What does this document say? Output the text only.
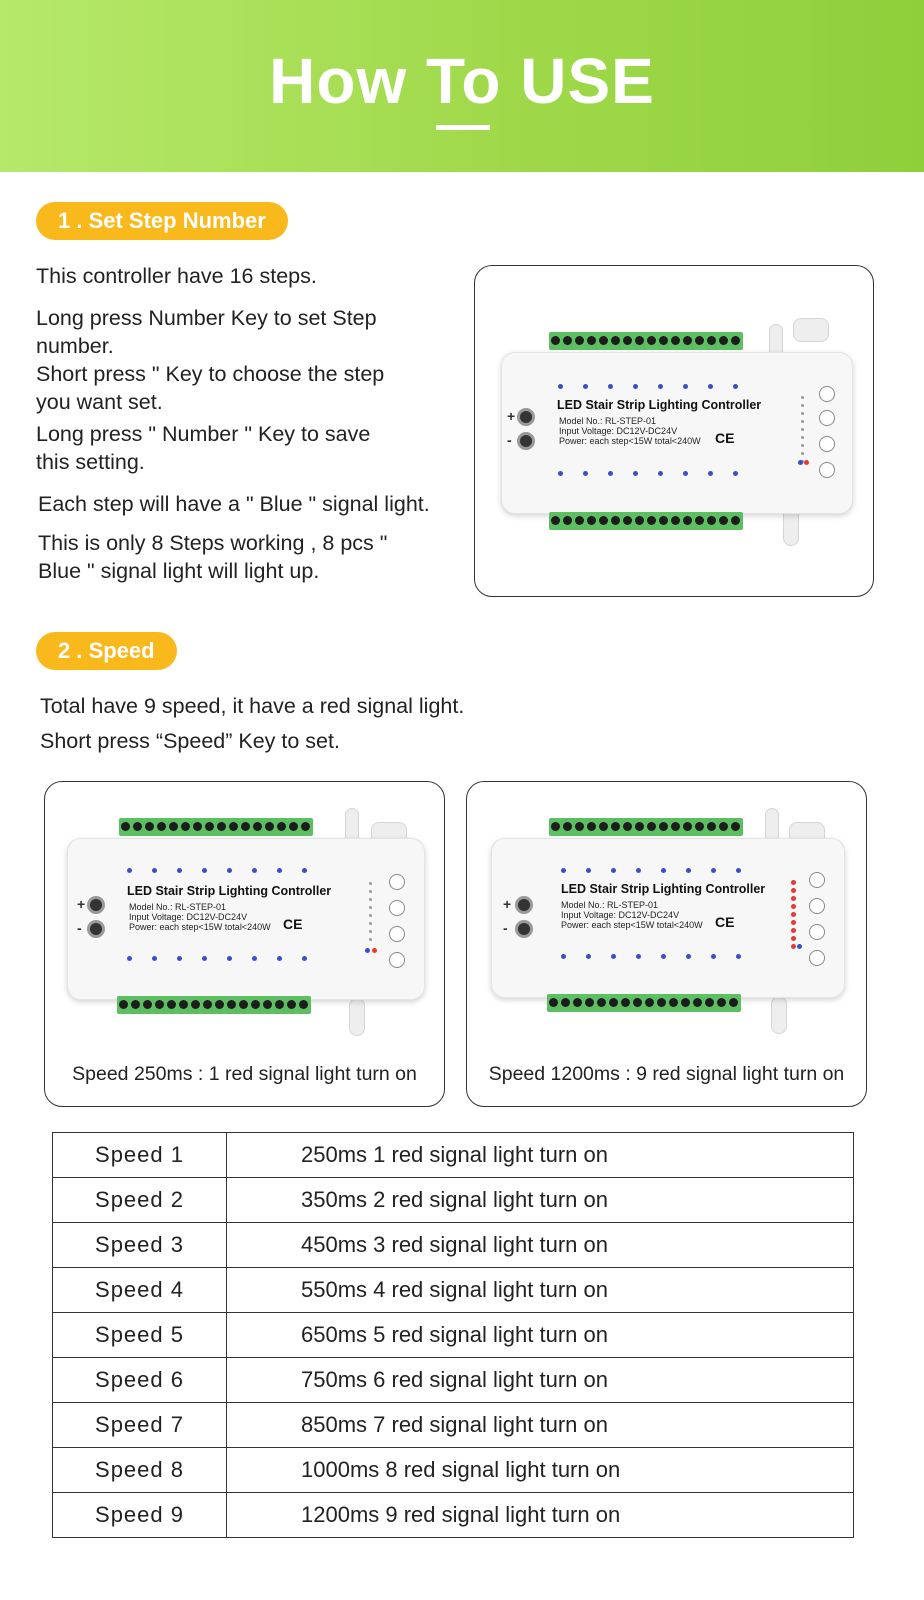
How To USE
1 . Set Step Number

This controller have 16 steps.

Long press Number Key to set Step

number.

Short press " Key to choose the step

you want set.

Long press " Number " Key to save

this setting.

Each step will have a " Blue " signal light.

This is only 8 Steps working , 8 pcs "

Blue " signal light will light up.

+
-
LED Stair Strip Lighting Controller
Model No.: RL-STEP-01
Input Voltage: DC12V-DC24V
Power: each step<15W total<240W CE
2 . Speed

Total have 9 speed, it have a red signal light.

Short press “Speed” Key to set.

+
-
LED Stair Strip Lighting Controller
Model No.: RL-STEP-01
Input Voltage: DC12V-DC24V
Power: each step<15W total<240W CE
Speed 250ms : 1 red signal light turn on
+
-
LED Stair Strip Lighting Controller
Model No.: RL-STEP-01
Input Voltage: DC12V-DC24V
Power: each step<15W total<240W CE
Speed 1200ms : 9 red signal light turn on
Speed 1	250ms 1 red signal light turn on
Speed 2	350ms 2 red signal light turn on
Speed 3	450ms 3 red signal light turn on
Speed 4	550ms 4 red signal light turn on
Speed 5	650ms 5 red signal light turn on
Speed 6	750ms 6 red signal light turn on
Speed 7	850ms 7 red signal light turn on
Speed 8	1000ms 8 red signal light turn on
Speed 9	1200ms 9 red signal light turn on
